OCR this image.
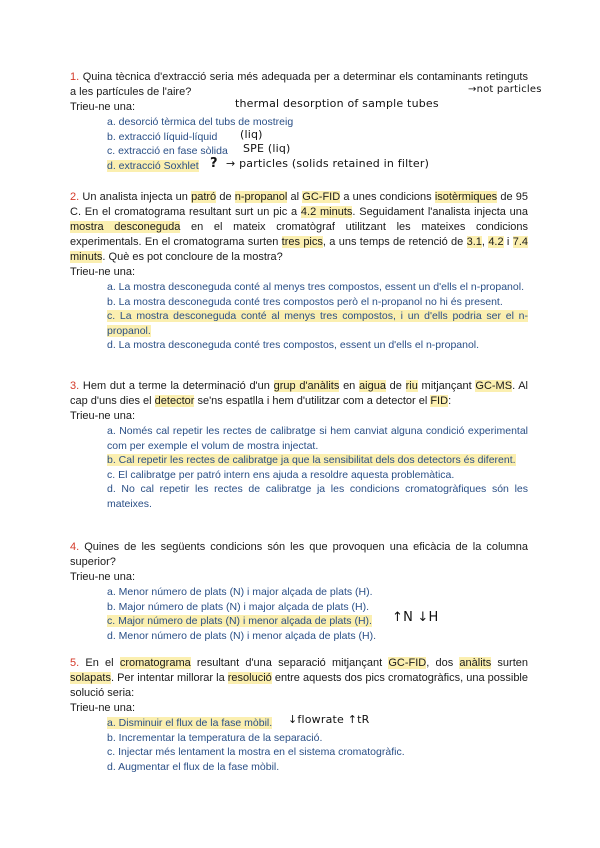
1. Quina tècnica d'extracció seria més adequada per a determinar els contaminants retinguts a les partícules de l'aire?

Trieu-ne una:

a. desorció tèrmica del tubs de mostreig
b. extracció líquid-líquid
c. extracció en fase sòlida
d. extracció Soxhlet
→not particles
thermal desorption of sample tubes
(liq)
SPE (liq)
? → particles (solids retained in filter)

2. Un analista injecta un patró de n-propanol al GC-FID a unes condicions isotèrmiques de 95 C. En el cromatograma resultant surt un pic a 4.2 minuts. Seguidament l'analista injecta una mostra desconeguda en el mateix cromatògraf utilitzant les mateixes condicions experimentals. En el cromatograma surten tres pics, a uns temps de retenció de 3.1, 4.2 i 7.4 minuts. Què es pot concloure de la mostra?

Trieu-ne una:

a. La mostra desconeguda conté al menys tres compostos, essent un d'ells el n-propanol.
b. La mostra desconeguda conté tres compostos però el n-propanol no hi és present.
c. La mostra desconeguda conté al menys tres compostos, i un d'ells podria ser el n-propanol.
d. La mostra desconeguda conté tres compostos, essent un d'ells el n-propanol.

3. Hem dut a terme la determinació d'un grup d'anàlits en aigua de riu mitjançant GC-MS. Al cap d'uns dies el detector se'ns espatlla i hem d'utilitzar com a detector el FID:

Trieu-ne una:

a. Només cal repetir les rectes de calibratge si hem canviat alguna condició experimental com per exemple el volum de mostra injectat.
b. Cal repetir les rectes de calibratge ja que la sensibilitat dels dos detectors és diferent.
c. El calibratge per patró intern ens ajuda a resoldre aquesta problemàtica.
d. No cal repetir les rectes de calibratge ja les condicions cromatogràfiques són les mateixes.

4. Quines de les següents condicions són les que provoquen una eficàcia de la columna superior?

Trieu-ne una:

a. Menor número de plats (N) i major alçada de plats (H).
b. Major número de plats (N) i major alçada de plats (H).
c. Major número de plats (N) i menor alçada de plats (H).
d. Menor número de plats (N) i menor alçada de plats (H).
↑N ↓H

5. En el cromatograma resultant d'una separació mitjançant GC-FID, dos anàlits surten solapats. Per intentar millorar la resolució entre aquests dos pics cromatogràfics, una possible solució seria:

Trieu-ne una:

a. Disminuir el flux de la fase mòbil.
b. Incrementar la temperatura de la separació.
c. Injectar més lentament la mostra en el sistema cromatogràfic.
d. Augmentar el flux de la fase mòbil.
↓flowrate ↑tR
